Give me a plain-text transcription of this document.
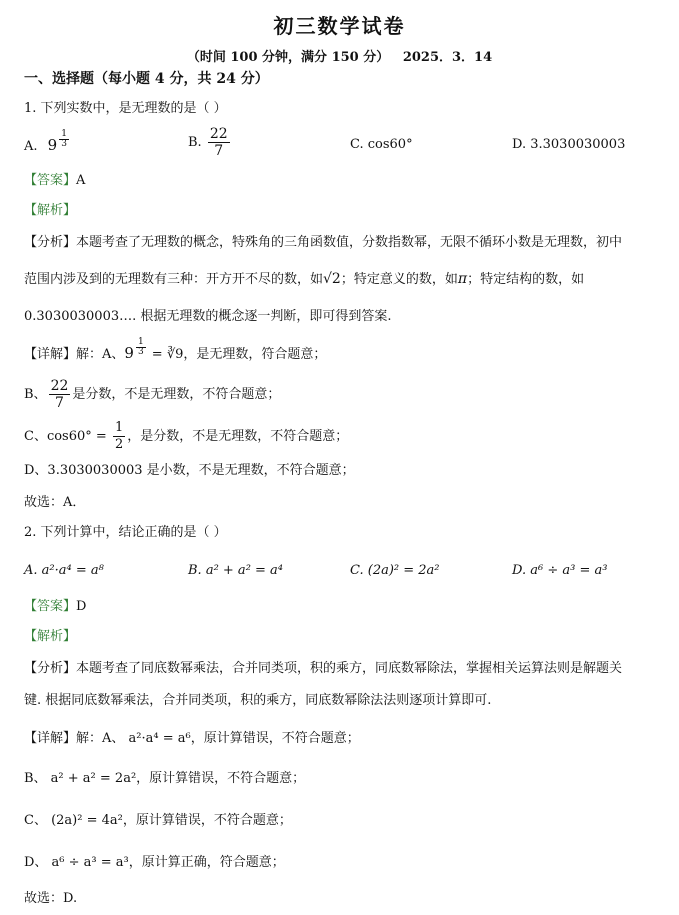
初三数学试卷
（时间 100 分钟，满分 150 分）   2025．3．14
一、选择题（每小题 4 分，共 24 分）
1. 下列实数中，是无理数的是（ ）
A. $9 \frac{1}{3}$	B. $\frac{22}{7}$	C. cos60°	D. 3.3030030003
【答案】A
【解析】
【分析】本题考查了无理数的概念，特殊角的三角函数值，分数指数幂，无限不循环小数是无理数，初中
范围内涉及到的无理数有三种：开方开不尽的数，如√2；特定意义的数，如π；特定结构的数，如
0.3030030003…. 根据无理数的概念逐一判断，即可得到答案.
【详解】解：A、$9 \frac{1}{3}$ = ∛9，是无理数，符合题意；
B、 $\frac{22}{7}$ 是分数，不是无理数，不符合题意；
C、$\cos 60^\circ = \frac{1}{2}$ ，是分数，不是无理数，不符合题意；
D、3.3030030003 是小数，不是无理数，不符合题意；
故选：A．
2. 下列计算中，结论正确的是（ ）
A. a²·a⁴ = a⁸	B. a² + a² = a⁴	C. (2a)² = 2a²	D. a⁶ ÷ a³ = a³
【答案】D
【解析】
【分析】本题考查了同底数幂乘法，合并同类项，积的乘方，同底数幂除法，掌握相关运算法则是解题关
键. 根据同底数幂乘法，合并同类项，积的乘方，同底数幂除法法则逐项计算即可.
【详解】解：A、 a²·a⁴ = a⁶，原计算错误，不符合题意；
B、 a² + a² = 2a²，原计算错误，不符合题意；
C、 (2a)² = 4a²，原计算错误，不符合题意；
D、 a⁶ ÷ a³ = a³，原计算正确，符合题意；
故选：D.
